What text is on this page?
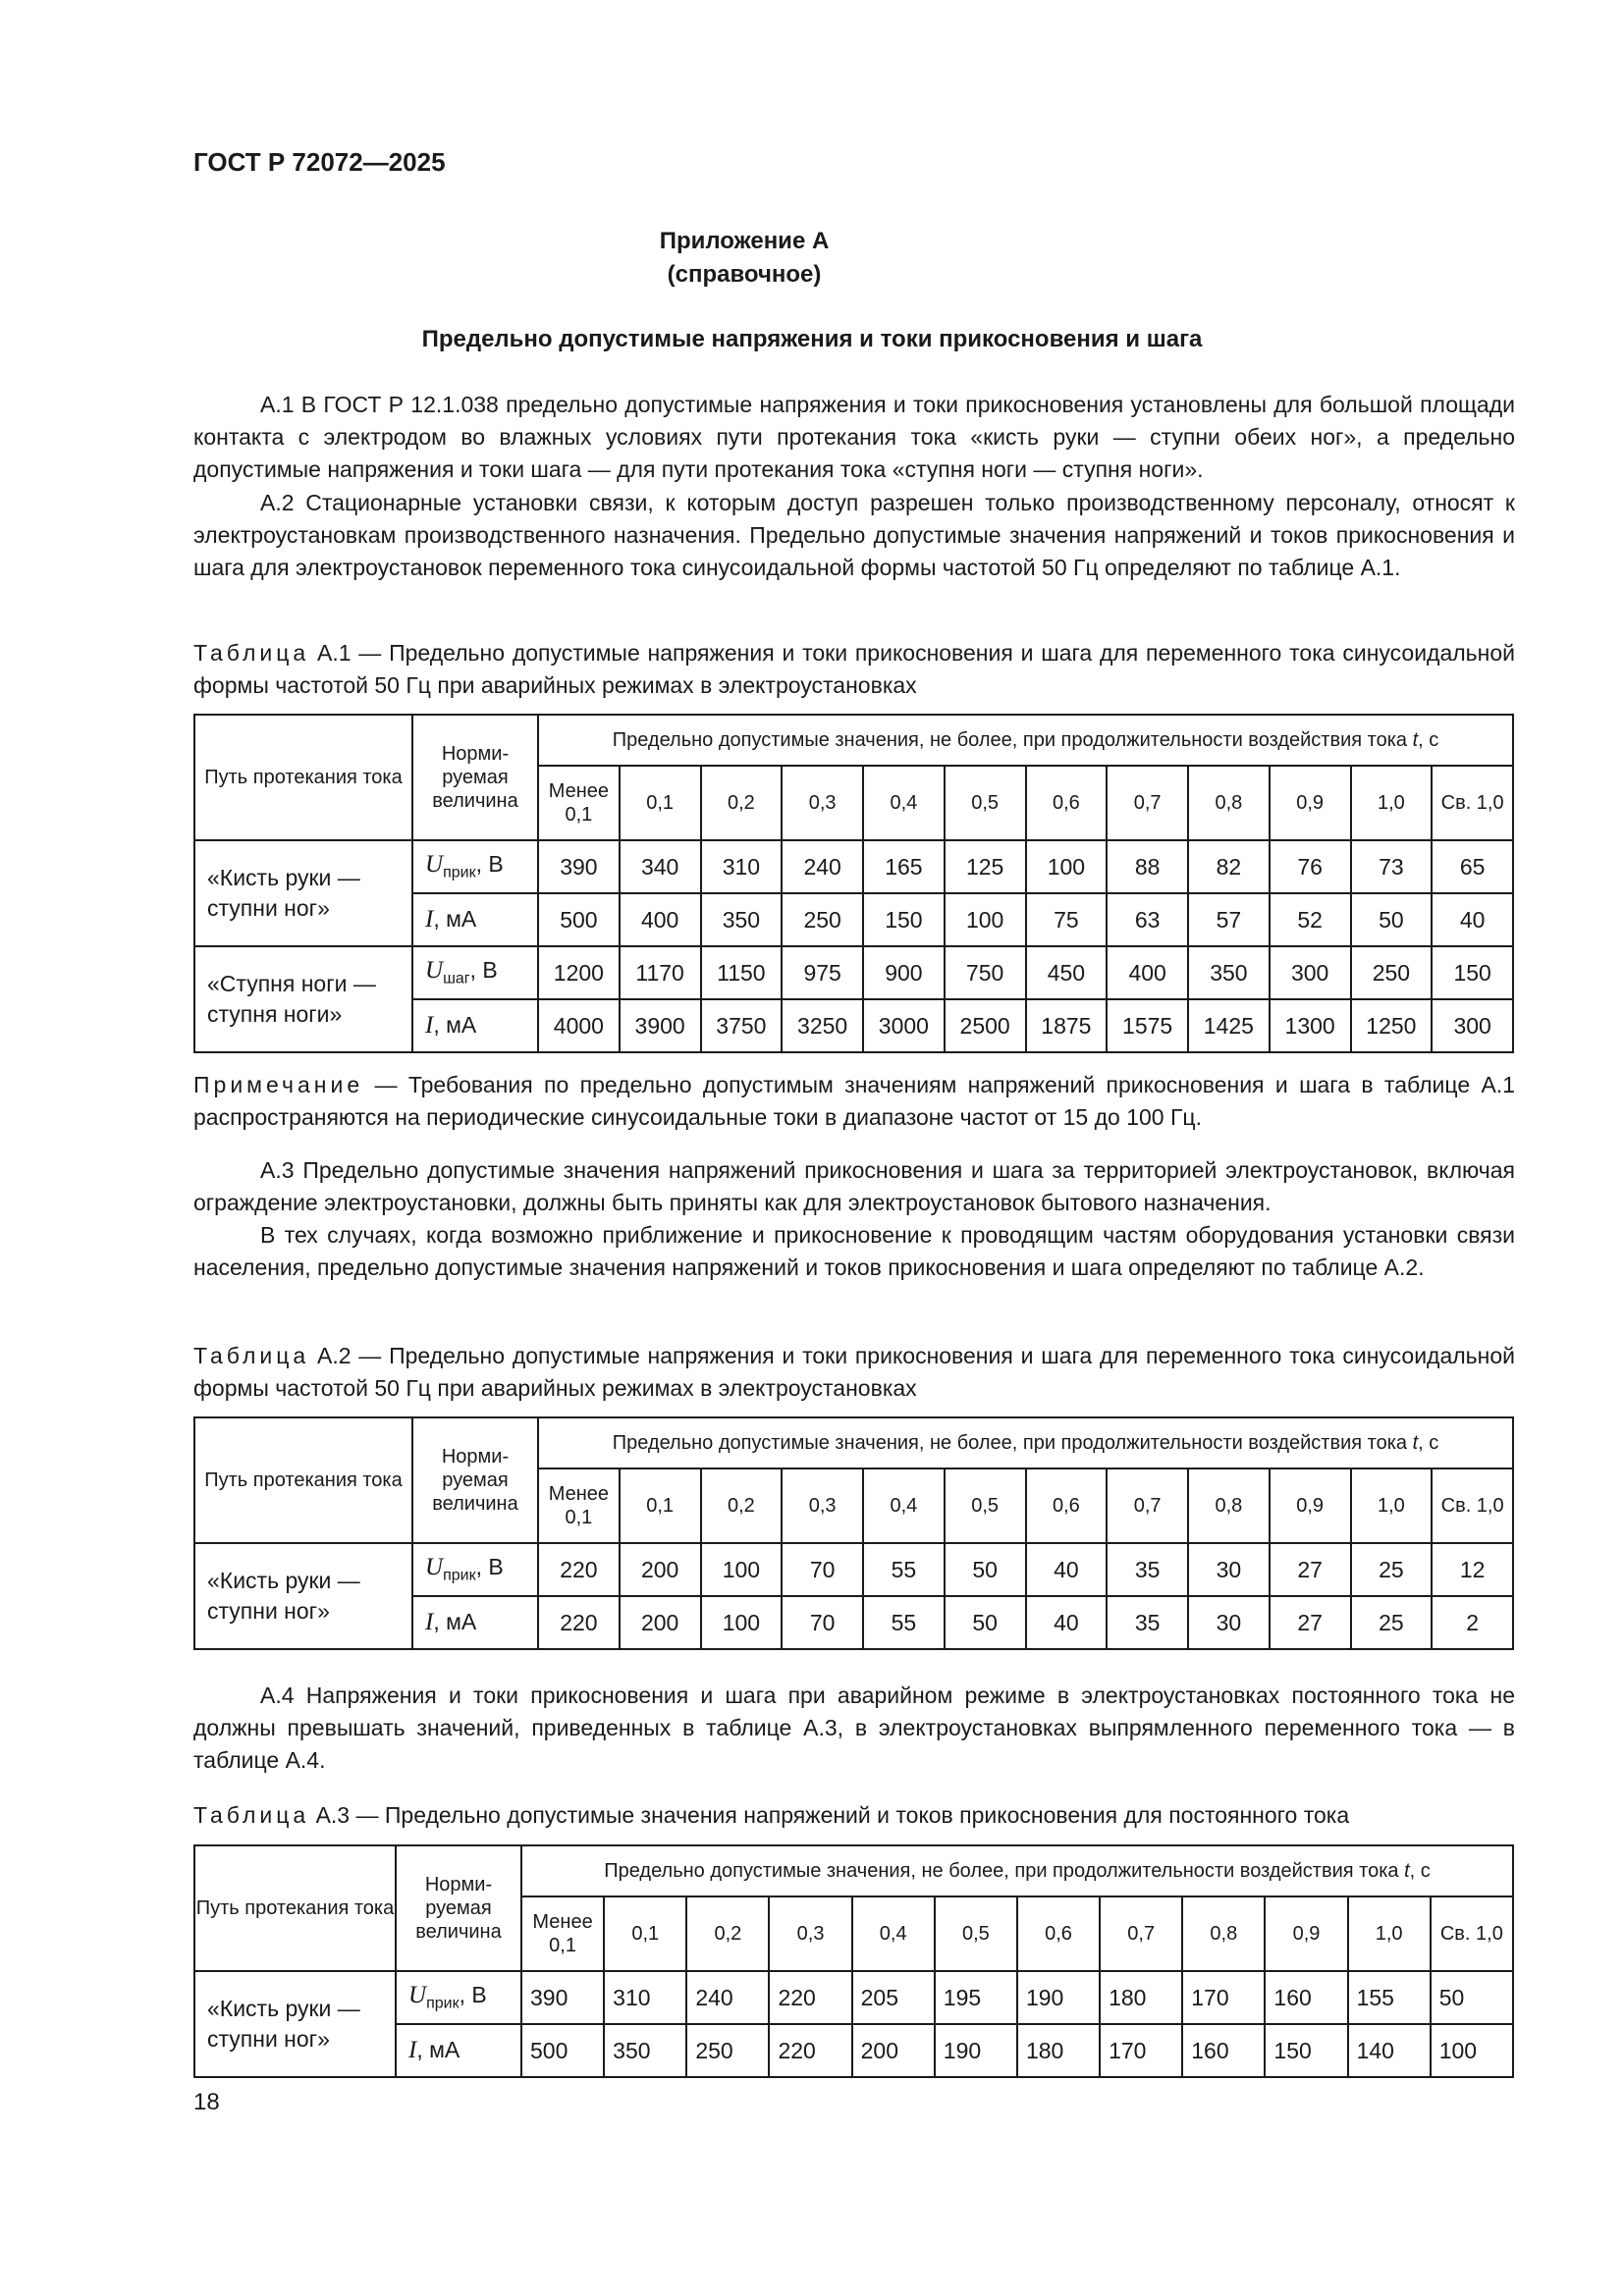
ГОСТ Р 72072—2025
Приложение А
(справочное)
Предельно допустимые напряжения и токи прикосновения и шага

А.1 В ГОСТ Р 12.1.038 предельно допустимые напряжения и токи прикосновения установлены для большой площади контакта с электродом во влажных условиях пути протекания тока «кисть руки — ступни обеих ног», а предельно допустимые напряжения и токи шага — для пути протекания тока «ступня ноги — ступня ноги».

А.2 Стационарные установки связи, к которым доступ разрешен только производственному персоналу, относят к электроустановкам производственного назначения. Предельно допустимые значения напряжений и токов прикосновения и шага для электроустановок переменного тока синусоидальной формы частотой 50 Гц определяют по таблице А.1.

Таблица А.1 — Предельно допустимые напряжения и токи прикосновения и шага для переменного тока синусоидальной формы частотой 50 Гц при аварийных режимах в электроустановках

Путь протекания тока	Норми-руемая величина	Предельно допустимые значения, не более, при продолжительности воздействия тока t, с											
		Менее 0,1	0,1	0,2	0,3	0,4	0,5	0,6	0,7	0,8	0,9	1,0	Св. 1,0
«Кисть руки — ступни ног»	$U_{прик}$, В	390	340	310	240	165	125	100	88	82	76	73	65
	I, мА	500	400	350	250	150	100	75	63	57	52	50	40
«Ступня ноги — ступня ноги»	$U_{шаг}$, В	1200	1170	1150	975	900	750	450	400	350	300	250	150
	I, мА	4000	3900	3750	3250	3000	2500	1875	1575	1425	1300	1250	300

Примечание — Требования по предельно допустимым значениям напряжений прикосновения и шага в таблице А.1 распространяются на периодические синусоидальные токи в диапазоне частот от 15 до 100 Гц.

А.3 Предельно допустимые значения напряжений прикосновения и шага за территорией электроустановок, включая ограждение электроустановки, должны быть приняты как для электроустановок бытового назначения.

В тех случаях, когда возможно приближение и прикосновение к проводящим частям оборудования установки связи населения, предельно допустимые значения напряжений и токов прикосновения и шага определяют по таблице А.2.

Таблица А.2 — Предельно допустимые напряжения и токи прикосновения и шага для переменного тока синусоидальной формы частотой 50 Гц при аварийных режимах в электроустановках

Путь протекания тока	Норми-руемая величина	Предельно допустимые значения, не более, при продолжительности воздействия тока t, с											
		Менее 0,1	0,1	0,2	0,3	0,4	0,5	0,6	0,7	0,8	0,9	1,0	Св. 1,0
«Кисть руки — ступни ног»	$U_{прик}$, В	220	200	100	70	55	50	40	35	30	27	25	12
	I, мА	220	200	100	70	55	50	40	35	30	27	25	2

А.4 Напряжения и токи прикосновения и шага при аварийном режиме в электроустановках постоянного тока не должны превышать значений, приведенных в таблице А.3, в электроустановках выпрямленного переменного тока — в таблице А.4.

Таблица А.3 — Предельно допустимые значения напряжений и токов прикосновения для постоянного тока

Путь протекания тока	Норми-руемая величина	Предельно допустимые значения, не более, при продолжительности воздействия тока t, с											
		Менее 0,1	0,1	0,2	0,3	0,4	0,5	0,6	0,7	0,8	0,9	1,0	Св. 1,0
«Кисть руки — ступни ног»	$U_{прик}$, В	390	310	240	220	205	195	190	180	170	160	155	50
	I, мА	500	350	250	220	200	190	180	170	160	150	140	100
18
